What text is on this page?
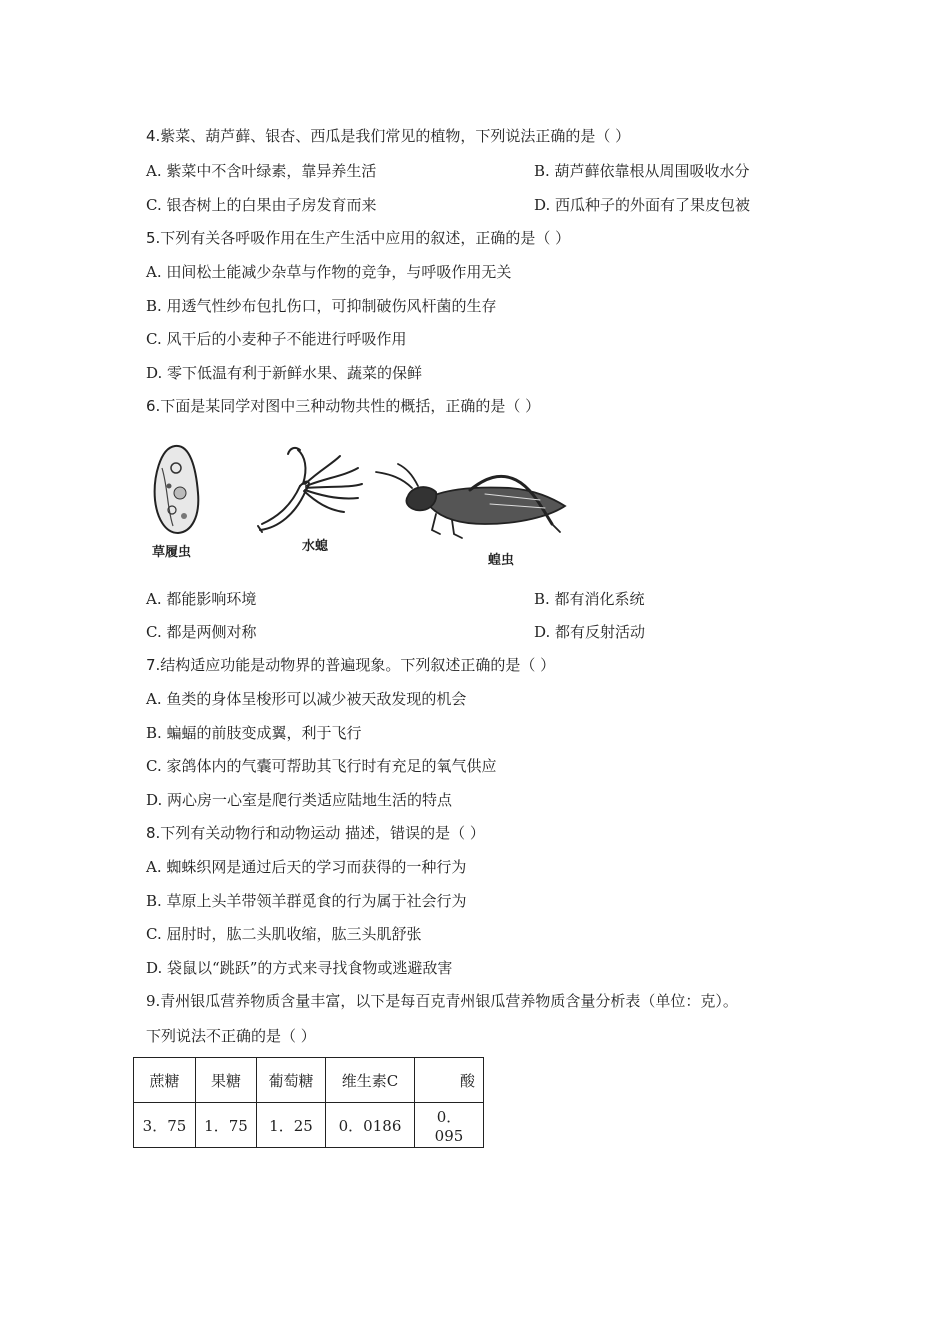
4.紫菜、葫芦藓、银杏、西瓜是我们常见的植物，下列说法正确的是（ ）
A. 紫菜中不含叶绿素，靠异养生活	B. 葫芦藓依靠根从周围吸收水分
C. 银杏树上的白果由子房发育而来	D. 西瓜种子的外面有了果皮包被
5.下列有关各呼吸作用在生产生活中应用的叙述，正确的是（ ）
A. 田间松土能减少杂草与作物的竞争，与呼吸作用无关
B. 用透气性纱布包扎伤口，可抑制破伤风杆菌的生存
C. 风干后的小麦种子不能进行呼吸作用
D. 零下低温有利于新鲜水果、蔬菜的保鲜
6.下面是某同学对图中三种动物共性的概括，正确的是（ ）
草履虫	水螅
蝗虫
A. 都能影响环境	B. 都有消化系统
C. 都是两侧对称	D. 都有反射活动
7.结构适应功能是动物界的普遍现象。下列叙述正确的是（ ）
A. 鱼类的身体呈梭形可以减少被天敌发现的机会
B. 蝙蝠的前肢变成翼，利于飞行
C. 家鸽体内的气囊可帮助其飞行时有充足的氧气供应
D. 两心房一心室是爬行类适应陆地生活的特点
8.下列有关动物行和动物运动 描述，错误的是（ ）
A. 蜘蛛织网是通过后天的学习而获得的一种行为
B. 草原上头羊带领羊群觅食的行为属于社会行为
C. 屈肘时，肱二头肌收缩，肱三头肌舒张
D. 袋鼠以“跳跃”的方式来寻找食物或逃避敌害
9.青州银瓜营养物质含量丰富，以下是每百克青州银瓜营养物质含量分析表（单位：克）。
下列说法不正确的是（ ）
蔗糖	果糖	葡萄糖	维生素C	酸
3．75	1．75	1．25	0．0186	0．095
